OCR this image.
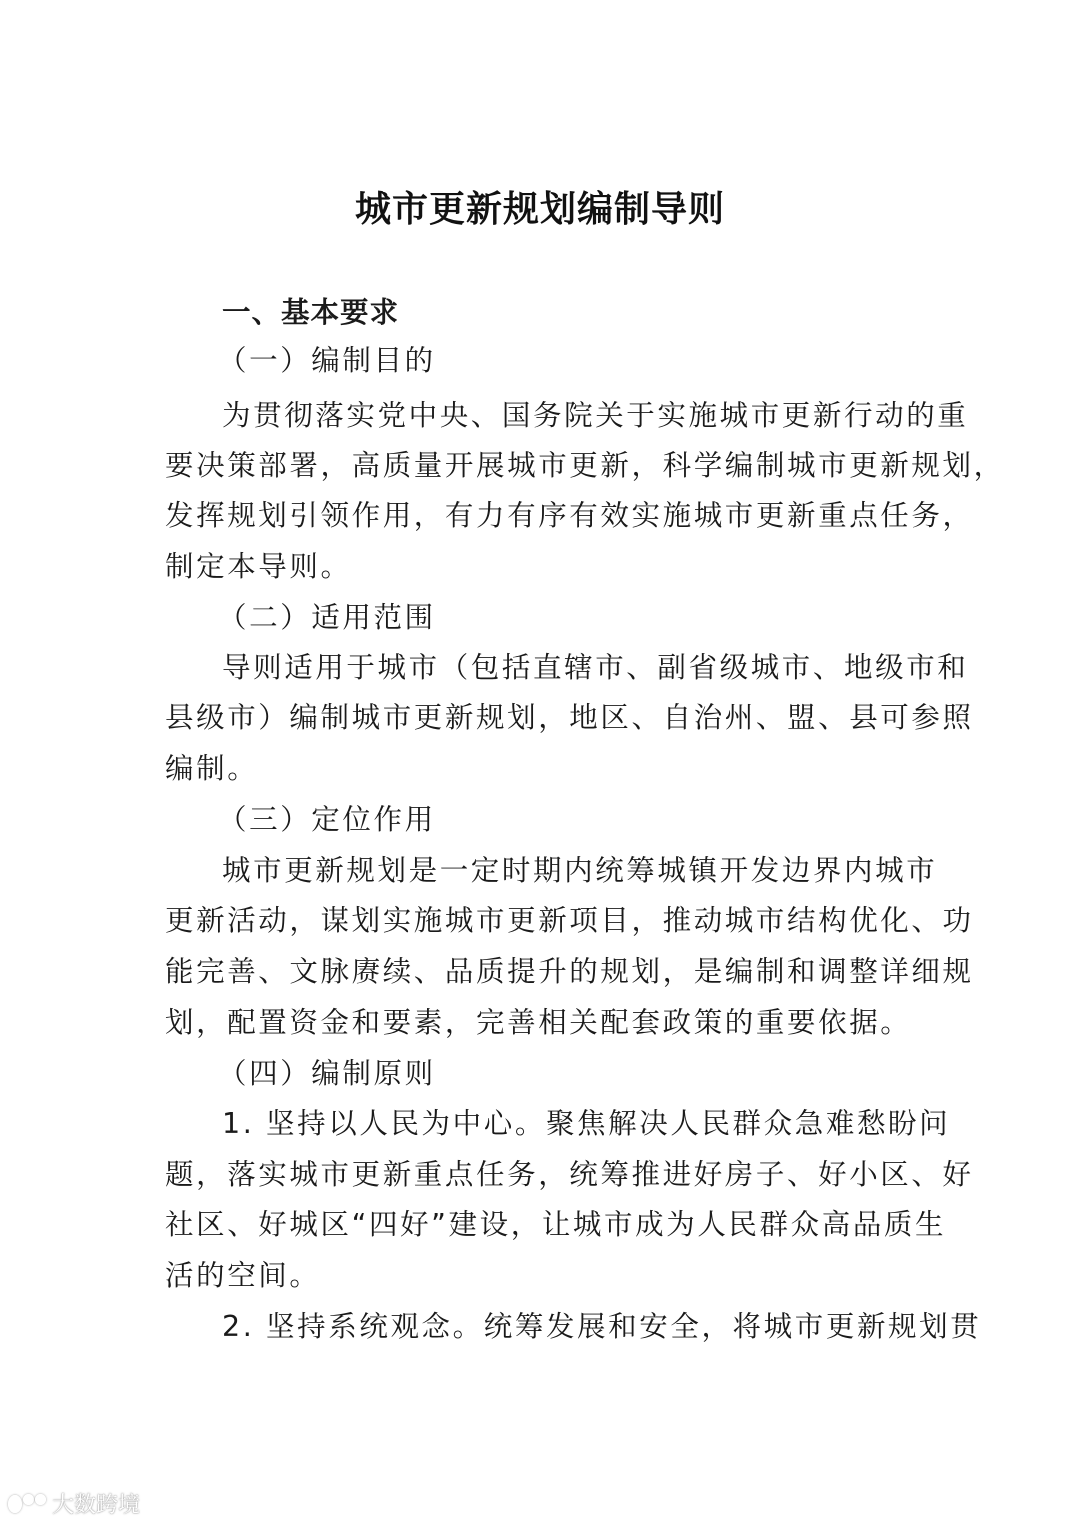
城市更新规划编制导则
一、基本要求
（一）编制目的
为贯彻落实党中央、国务院关于实施城市更新行动的重
要决策部署，高质量开展城市更新，科学编制城市更新规划，
发挥规划引领作用，有力有序有效实施城市更新重点任务，
制定本导则。
（二）适用范围
导则适用于城市（包括直辖市、副省级城市、地级市和
县级市）编制城市更新规划，地区、自治州、盟、县可参照
编制。
（三）定位作用
城市更新规划是一定时期内统筹城镇开发边界内城市
更新活动，谋划实施城市更新项目，推动城市结构优化、功
能完善、文脉赓续、品质提升的规划，是编制和调整详细规
划，配置资金和要素，完善相关配套政策的重要依据。
（四）编制原则
1. 坚持以人民为中心。聚焦解决人民群众急难愁盼问
题，落实城市更新重点任务，统筹推进好房子、好小区、好
社区、好城区“四好”建设，让城市成为人民群众高品质生
活的空间。
2. 坚持系统观念。统筹发展和安全，将城市更新规划贯
大数跨境
